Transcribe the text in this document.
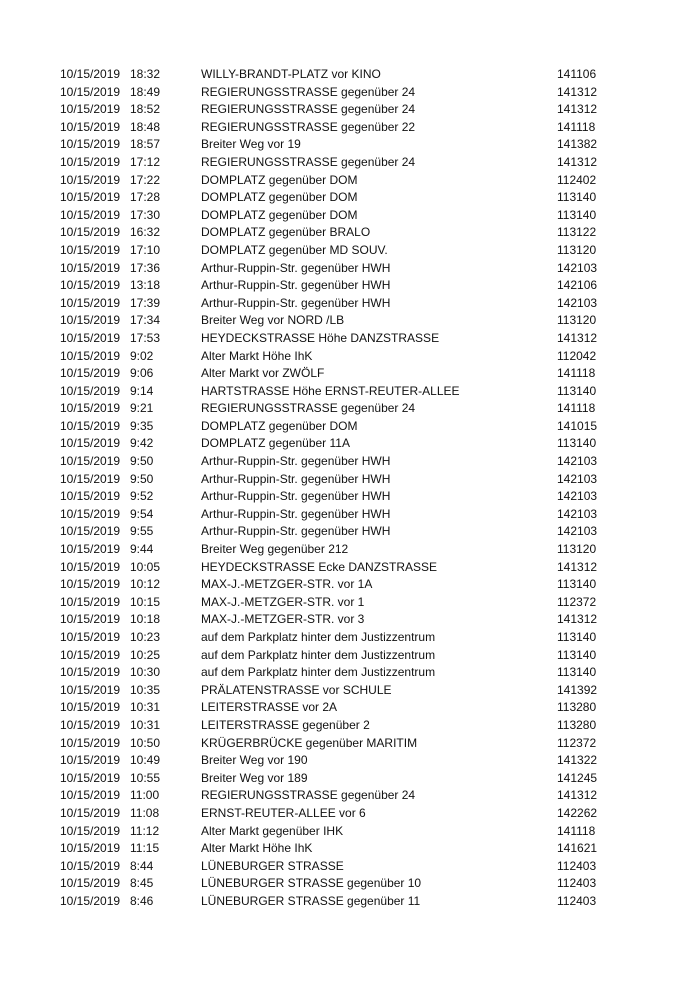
10/15/2019	18:32	WILLY-BRANDT-PLATZ vor KINO	141106
10/15/2019	18:49	REGIERUNGSSTRASSE gegenüber 24	141312
10/15/2019	18:52	REGIERUNGSSTRASSE gegenüber 24	141312
10/15/2019	18:48	REGIERUNGSSTRASSE gegenüber 22	141118
10/15/2019	18:57	Breiter Weg vor 19	141382
10/15/2019	17:12	REGIERUNGSSTRASSE gegenüber 24	141312
10/15/2019	17:22	DOMPLATZ gegenüber DOM	112402
10/15/2019	17:28	DOMPLATZ gegenüber DOM	113140
10/15/2019	17:30	DOMPLATZ gegenüber DOM	113140
10/15/2019	16:32	DOMPLATZ gegenüber BRALO	113122
10/15/2019	17:10	DOMPLATZ gegenüber MD SOUV.	113120
10/15/2019	17:36	Arthur-Ruppin-Str. gegenüber HWH	142103
10/15/2019	13:18	Arthur-Ruppin-Str. gegenüber HWH	142106
10/15/2019	17:39	Arthur-Ruppin-Str. gegenüber HWH	142103
10/15/2019	17:34	Breiter Weg vor NORD /LB	113120
10/15/2019	17:53	HEYDECKSTRASSE Höhe DANZSTRASSE	141312
10/15/2019	9:02	Alter Markt Höhe IhK	112042
10/15/2019	9:06	Alter Markt vor ZWÖLF	141118
10/15/2019	9:14	HARTSTRASSE Höhe ERNST-REUTER-ALLEE	113140
10/15/2019	9:21	REGIERUNGSSTRASSE gegenüber 24	141118
10/15/2019	9:35	DOMPLATZ gegenüber DOM	141015
10/15/2019	9:42	DOMPLATZ gegenüber 11A	113140
10/15/2019	9:50	Arthur-Ruppin-Str. gegenüber HWH	142103
10/15/2019	9:50	Arthur-Ruppin-Str. gegenüber HWH	142103
10/15/2019	9:52	Arthur-Ruppin-Str. gegenüber HWH	142103
10/15/2019	9:54	Arthur-Ruppin-Str. gegenüber HWH	142103
10/15/2019	9:55	Arthur-Ruppin-Str. gegenüber HWH	142103
10/15/2019	9:44	Breiter Weg gegenüber 212	113120
10/15/2019	10:05	HEYDECKSTRASSE Ecke DANZSTRASSE	141312
10/15/2019	10:12	MAX-J.-METZGER-STR. vor 1A	113140
10/15/2019	10:15	MAX-J.-METZGER-STR. vor 1	112372
10/15/2019	10:18	MAX-J.-METZGER-STR. vor 3	141312
10/15/2019	10:23	auf dem Parkplatz hinter dem Justizzentrum	113140
10/15/2019	10:25	auf dem Parkplatz hinter dem Justizzentrum	113140
10/15/2019	10:30	auf dem Parkplatz hinter dem Justizzentrum	113140
10/15/2019	10:35	PRÄLATENSTRASSE vor SCHULE	141392
10/15/2019	10:31	LEITERSTRASSE vor 2A	113280
10/15/2019	10:31	LEITERSTRASSE gegenüber 2	113280
10/15/2019	10:50	KRÜGERBRÜCKE gegenüber MARITIM	112372
10/15/2019	10:49	Breiter Weg vor 190	141322
10/15/2019	10:55	Breiter Weg vor 189	141245
10/15/2019	11:00	REGIERUNGSSTRASSE gegenüber 24	141312
10/15/2019	11:08	ERNST-REUTER-ALLEE vor 6	142262
10/15/2019	11:12	Alter Markt gegenüber IHK	141118
10/15/2019	11:15	Alter Markt Höhe IhK	141621
10/15/2019	8:44	LÜNEBURGER STRASSE	112403
10/15/2019	8:45	LÜNEBURGER STRASSE gegenüber 10	112403
10/15/2019	8:46	LÜNEBURGER STRASSE gegenüber 11	112403
